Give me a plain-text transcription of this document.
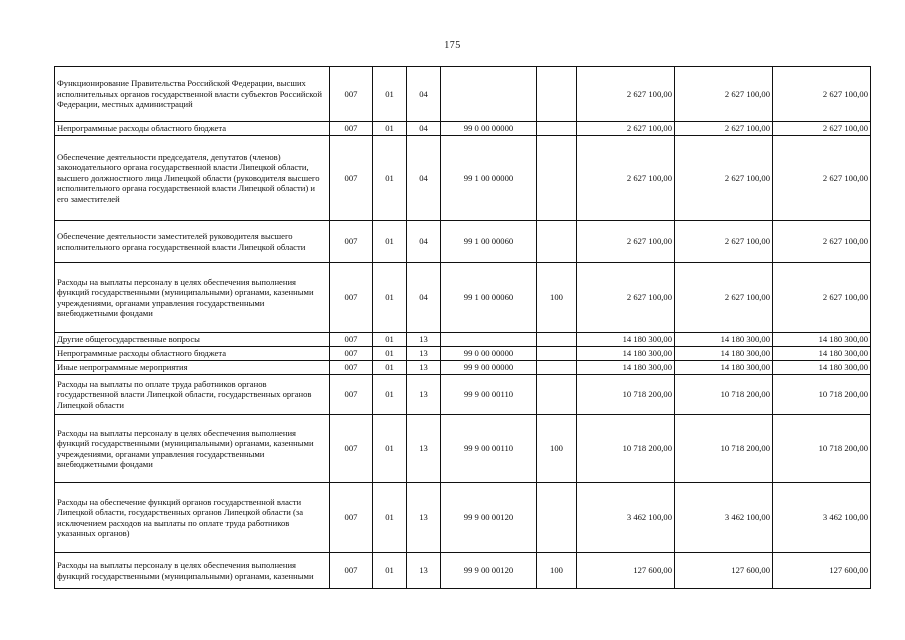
175
Функционирование Правительства Российской Федерации, высших исполнительных органов государственной власти субъектов Российской Федерации, местных администраций	007	01	04			2 627 100,00	2 627 100,00	2 627 100,00
Непрограммные расходы областного бюджета	007	01	04	99 0 00 00000		2 627 100,00	2 627 100,00	2 627 100,00
Обеспечение деятельности председателя, депутатов (членов) законодательного органа государственной власти Липецкой области, высшего должностного лица Липецкой области (руководителя высшего исполнительного органа государственной власти Липецкой области) и его заместителей	007	01	04	99 1 00 00000		2 627 100,00	2 627 100,00	2 627 100,00
Обеспечение деятельности заместителей руководителя высшего исполнительного органа государственной власти Липецкой области	007	01	04	99 1 00 00060		2 627 100,00	2 627 100,00	2 627 100,00
Расходы на выплаты персоналу в целях обеспечения выполнения функций государственными (муниципальными) органами, казенными учреждениями, органами управления государственными внебюджетными фондами	007	01	04	99 1 00 00060	100	2 627 100,00	2 627 100,00	2 627 100,00
Другие общегосударственные вопросы	007	01	13			14 180 300,00	14 180 300,00	14 180 300,00
Непрограммные расходы областного бюджета	007	01	13	99 0 00 00000		14 180 300,00	14 180 300,00	14 180 300,00
Иные непрограммные мероприятия	007	01	13	99 9 00 00000		14 180 300,00	14 180 300,00	14 180 300,00
Расходы на выплаты по оплате труда работников органов государственной власти Липецкой области, государственных органов Липецкой области	007	01	13	99 9 00 00110		10 718 200,00	10 718 200,00	10 718 200,00
Расходы на выплаты персоналу в целях обеспечения выполнения функций государственными (муниципальными) органами, казенными учреждениями, органами управления государственными внебюджетными фондами	007	01	13	99 9 00 00110	100	10 718 200,00	10 718 200,00	10 718 200,00
Расходы на обеспечение функций органов государственной власти Липецкой области, государственных органов Липецкой области (за исключением расходов на выплаты по оплате труда работников указанных органов)	007	01	13	99 9 00 00120		3 462 100,00	3 462 100,00	3 462 100,00
Расходы на выплаты персоналу в целях обеспечения выполнения функций государственными (муниципальными) органами, казенными	007	01	13	99 9 00 00120	100	127 600,00	127 600,00	127 600,00
